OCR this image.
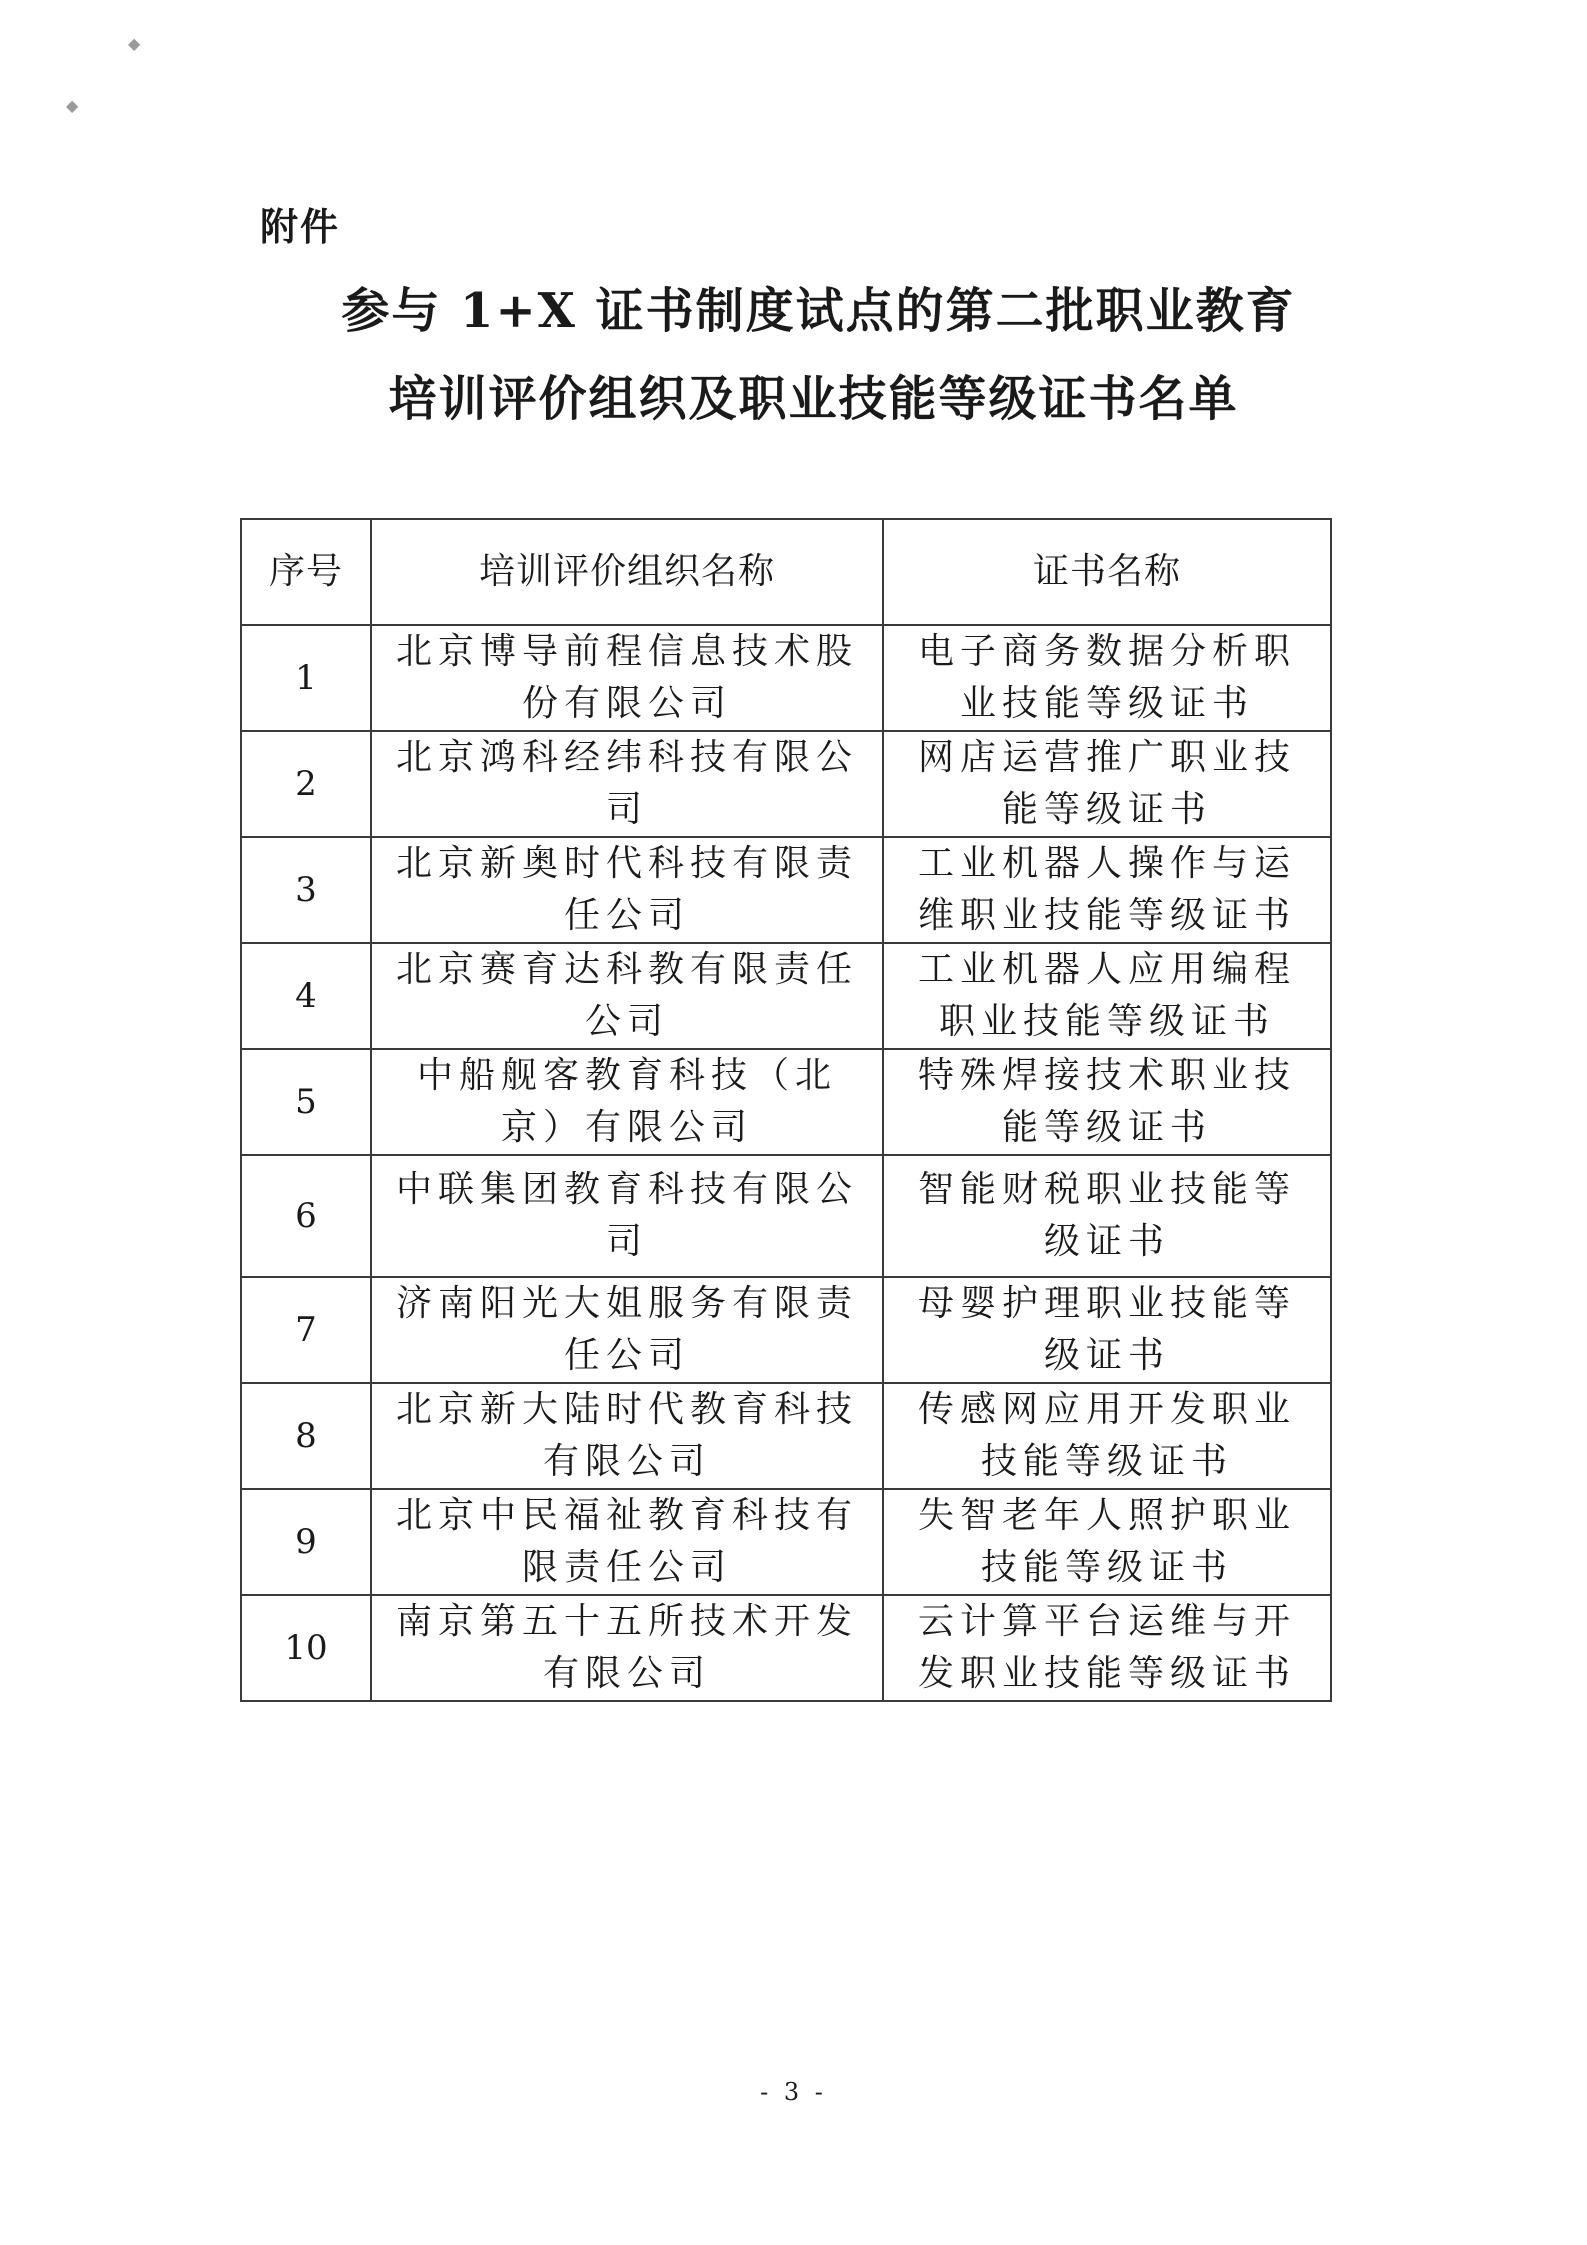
◆
◆
附件
参与 1+X 证书制度试点的第二批职业教育
培训评价组织及职业技能等级证书名单
序号	培训评价组织名称	证书名称
1	北京博导前程信息技术股份有限公司	电子商务数据分析职业技能等级证书
2	北京鸿科经纬科技有限公司	网店运营推广职业技能等级证书
3	北京新奥时代科技有限责任公司	工业机器人操作与运维职业技能等级证书
4	北京赛育达科教有限责任公司	工业机器人应用编程职业技能等级证书
5	中船舰客教育科技（北京）有限公司	特殊焊接技术职业技能等级证书
6	中联集团教育科技有限公司	智能财税职业技能等级证书
7	济南阳光大姐服务有限责任公司	母婴护理职业技能等级证书
8	北京新大陆时代教育科技有限公司	传感网应用开发职业技能等级证书
9	北京中民福祉教育科技有限责任公司	失智老年人照护职业技能等级证书
10	南京第五十五所技术开发有限公司	云计算平台运维与开发职业技能等级证书
- 3 -
